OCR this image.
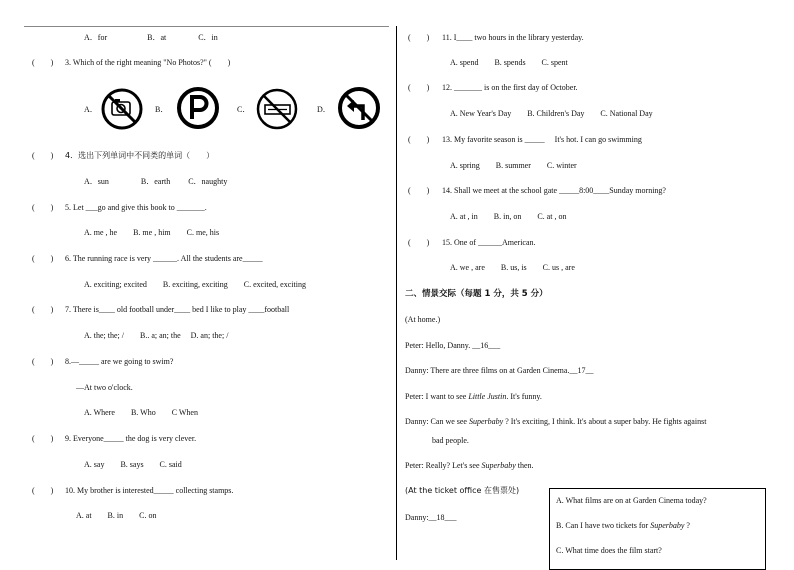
A．for　　　　　B．at　　　　C．in
(　　) 3. Which of the right meaning "No Photos?" (　　)
A．	B．	C．	D．
(　　) 4．选出下列单词中不同类的单词（　　）
A．sun　　　　B．earth　　 C．naughty
(　　) 5. Let ___go and give this book to _______.
A. me , he　　B. me , him　　C. me, his
(　　) 6. The running race is very ______. All the students are_____
A. exciting; excited　　B. exciting, exciting　　C. excited, exciting
(　　) 7. There is____ old football under____ bed I like to play ____football
A. the; the; /　　B.. a; an; the　 D. an; the; /
(　　) 8.—_____ are we going to swim?
—At two o'clock.
A. Where　　B. Who　　C When
(　　) 9. Everyone_____ the dog is very clever.
A. say　　B. says　　C. said
(　　) 10. My brother is interested_____ collecting stamps.
A. at　　B. in　　C. on
(　　) 11. I____ two hours in the library yesterday.
A. spend　　B. spends　　C. spent
(　　) 12. _______ is on the first day of October.
A. New Year's Day　　B. Children's Day　　C. National Day
(　　) 13. My favorite season is _____　 It's hot. I can go swimming
A. spring　　B. summer　　C. winter
(　　) 14. Shall we meet at the school gate _____8:00____Sunday morning?
A. at , in　　B. in, on　　C. at , on
(　　) 15. One of ______American.
A. we , are　　B. us, is　　C. us , are
二、情景交际（每题 1 分，共 5 分）
(At home.)
Peter: Hello, Danny. __16___
Danny: There are three films on at Garden Cinema.__17__
Peter: I want to see Little Justin. It's funny.
Danny: Can we see Superbaby ? It's exciting, I think. It's about a super baby. He fights against
bad people.
Peter: Really? Let's see Superbaby then.
(At the ticket office 在售票处)
Danny:__18___
A. What films are on at Garden Cinema today?
B. Can I have two tickets for Superbaby ?
C. What time does the film start?
